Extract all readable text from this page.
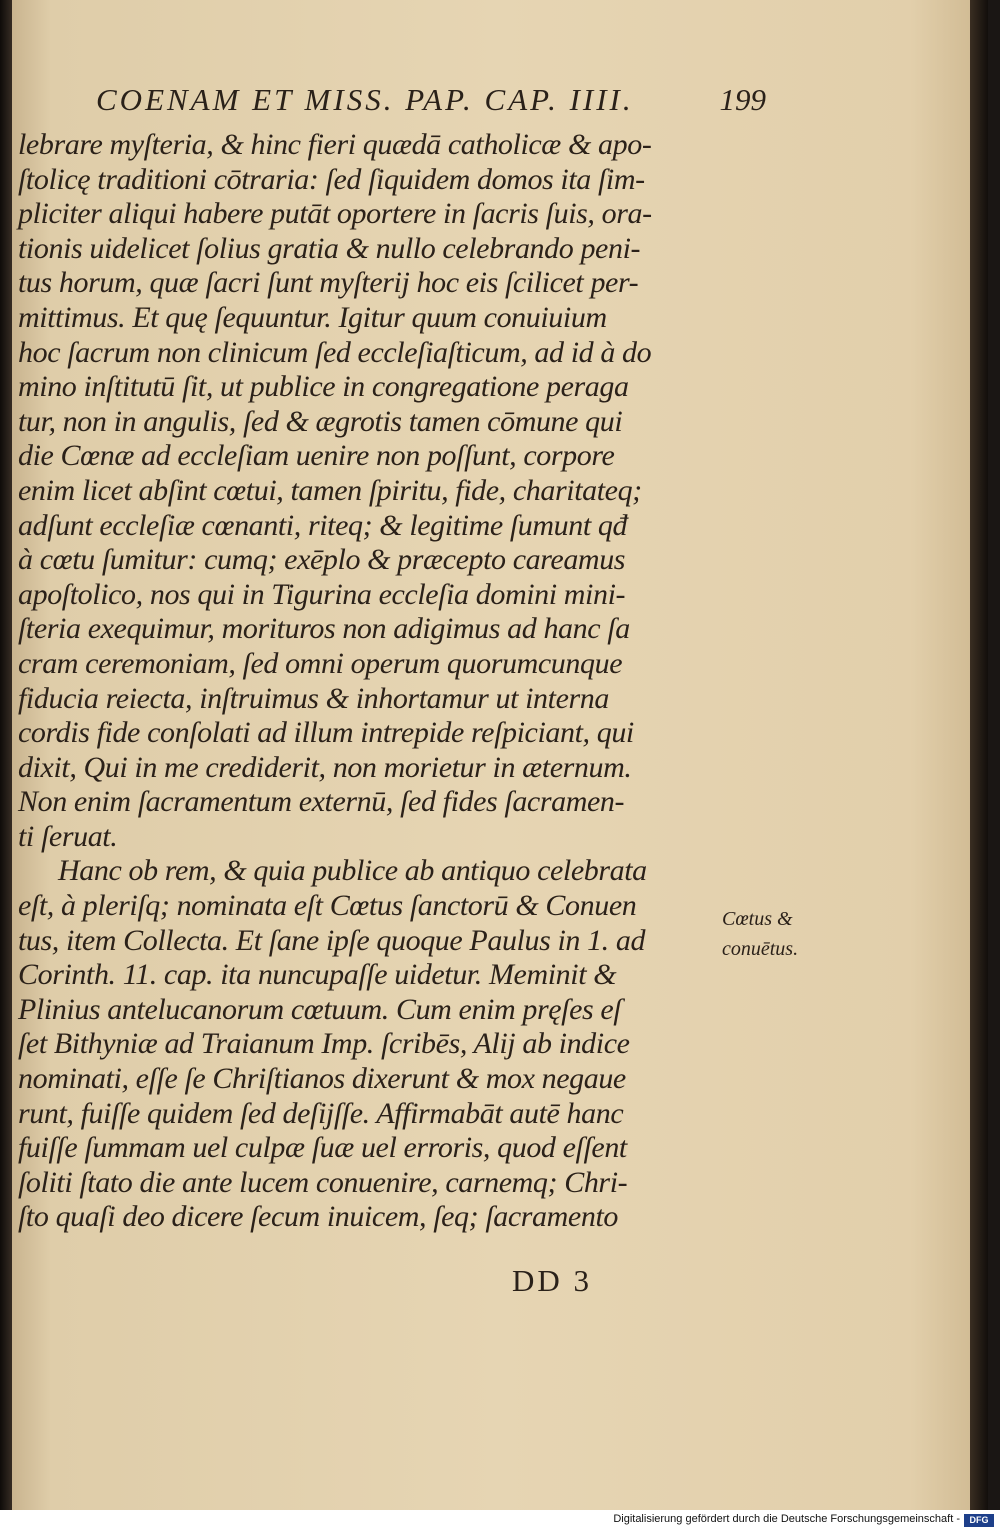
COENAM ET MISS. PAP. CAP. IIII.	199
lebrare myſteria, & hinc fieri quædā catholicæ & apo-
ſtolicę traditioni cōtraria: ſed ſiquidem domos ita ſim-
pliciter aliqui habere putāt oportere in ſacris ſuis, ora-
tionis uidelicet ſolius gratia & nullo celebrando peni-
tus horum, quæ ſacri ſunt myſterij hoc eis ſcilicet per-
mittimus. Et quę ſequuntur. Igitur quum conuiuium
hoc ſacrum non clinicum ſed eccleſiaſticum, ad id à do
mino inſtitutū ſit, ut publice in congregatione peraga
tur, non in angulis, ſed & ægrotis tamen cōmune qui
die Cœnæ ad eccleſiam uenire non poſſunt, corpore
enim licet abſint cœtui, tamen ſpiritu, fide, charitateq;
adſunt eccleſiæ cœnanti, riteq; & legitime ſumunt qđ
à cœtu ſumitur: cumq; exēplo & præcepto careamus
apoſtolico, nos qui in Tigurina eccleſia domini mini-
ſteria exequimur, morituros non adigimus ad hanc ſa
cram ceremoniam, ſed omni operum quorumcunque
fiducia reiecta, inſtruimus & inhortamur ut interna
cordis fide conſolati ad illum intrepide reſpiciant, qui
dixit, Qui in me crediderit, non morietur in æternum.
Non enim ſacramentum externū, ſed fides ſacramen-
ti ſeruat.
Hanc ob rem, & quia publice ab antiquo celebrata
eſt, à pleriſq; nominata eſt Cœtus ſanctorū & Conuen
tus, item Collecta. Et ſane ipſe quoque Paulus in 1. ad
Corinth. 11. cap. ita nuncupaſſe uidetur. Meminit &
Plinius antelucanorum cœtuum. Cum enim pręſes eſ
ſet Bithyniæ ad Traianum Imp. ſcribēs, Alij ab indice
nominati, eſſe ſe Chriſtianos dixerunt & mox negaue
runt, fuiſſe quidem ſed deſijſſe. Affirmabāt autē hanc
fuiſſe ſummam uel culpæ ſuæ uel erroris, quod eſſent
ſoliti ſtato die ante lucem conuenire, carnemq; Chri-
ſto quaſi deo dicere ſecum inuicem, ſeq; ſacramento
Cœtus &
conuētus.
DD 3
Digitalisierung gefördert durch die Deutsche Forschungsgemeinschaft -	DFG
